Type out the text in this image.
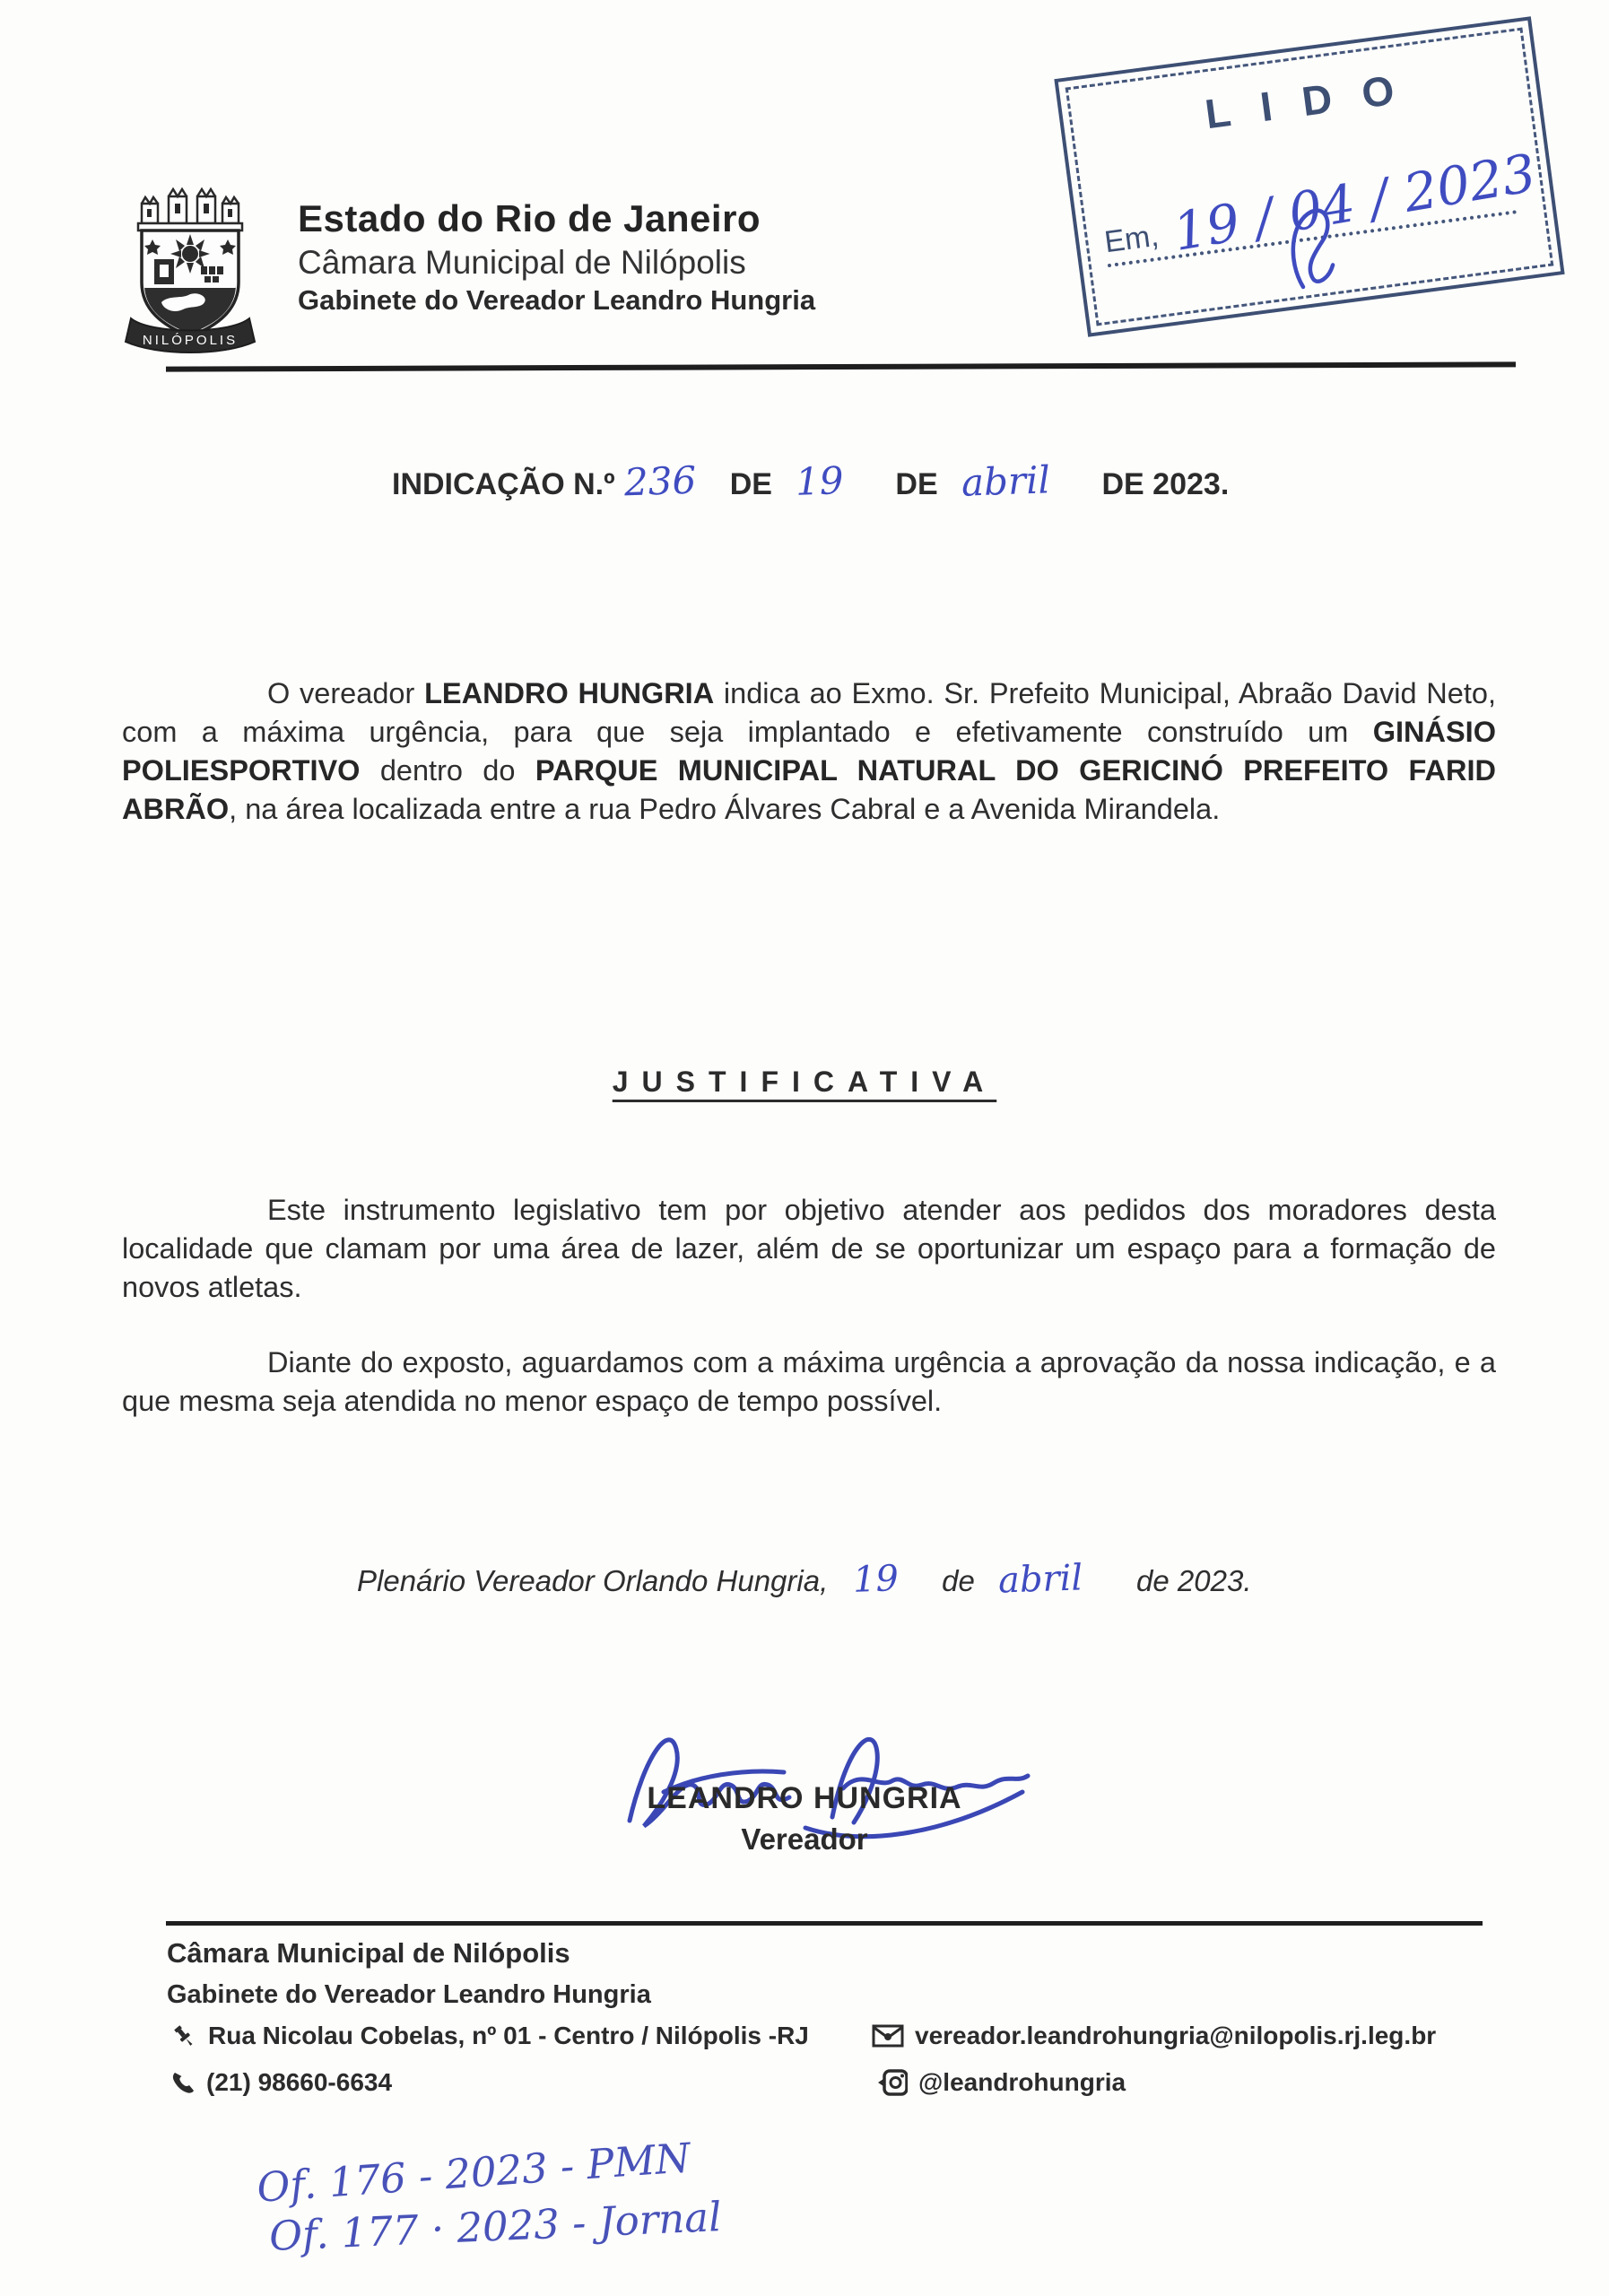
NILÓPOLIS
Estado do Rio de Janeiro
Câmara Municipal de Nilópolis
Gabinete do Vereador Leandro Hungria
LIDO
Em, 19 / 04 / 2023
INDICAÇÃO N.º 236 DE 19 DE abril DE 2023.

O vereador LEANDRO HUNGRIA indica ao Exmo. Sr. Prefeito Municipal, Abraão David Neto, com a máxima urgência, para que seja implantado e efetivamente construído um GINÁSIO POLIESPORTIVO dentro do PARQUE MUNICIPAL NATURAL DO GERICINÓ PREFEITO FARID ABRÃO, na área localizada entre a rua Pedro Álvares Cabral e a Avenida Mirandela.

JUSTIFICATIVA

Este instrumento legislativo tem por objetivo atender aos pedidos dos moradores desta localidade que clamam por uma área de lazer, além de se oportunizar um espaço para a formação de novos atletas.

Diante do exposto, aguardamos com a máxima urgência a aprovação da nossa indicação, e a que mesma seja atendida no menor espaço de tempo possível.

Plenário Vereador Orlando Hungria, 19 de abril de 2023.
LEANDRO HUNGRIA
Vereador
Câmara Municipal de Nilópolis
Gabinete do Vereador Leandro Hungria
Rua Nicolau Cobelas, nº 01 - Centro / Nilópolis -RJ
(21) 98660-6634
vereador.leandrohungria@nilopolis.rj.leg.br
@leandrohungria
Of. 176 - 2023 - PMN
Of. 177 · 2023 - Jornal
